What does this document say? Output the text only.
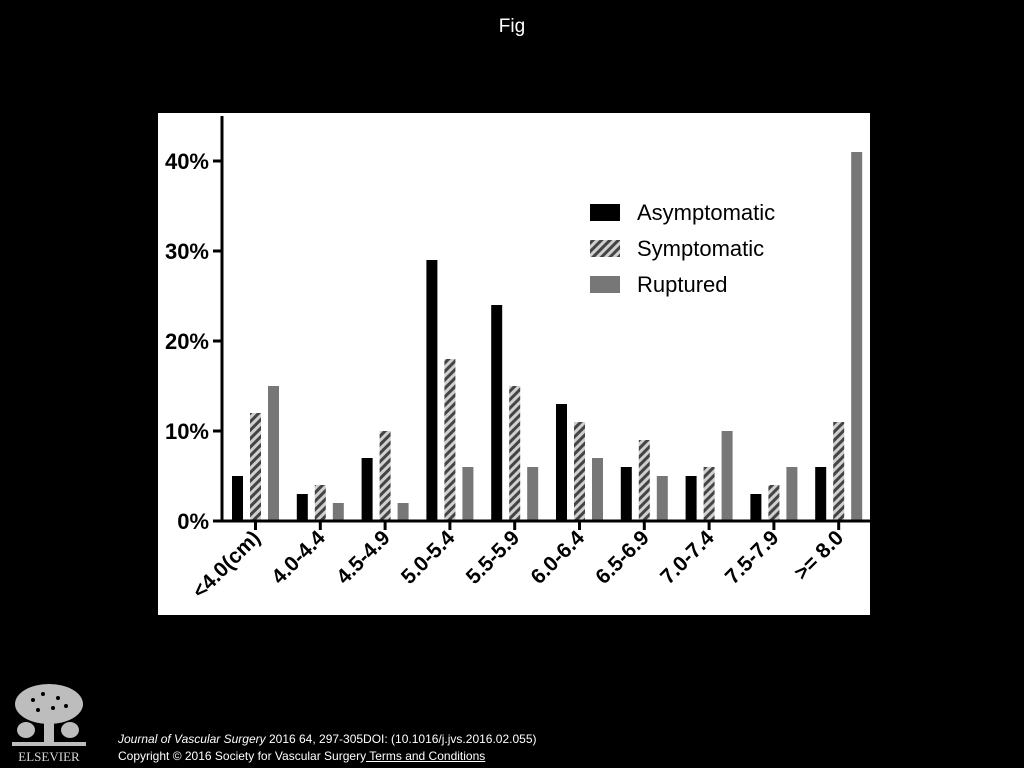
Fig
0%
10%
20%
30%
40%
<4.0(cm) 4.0-4.4 4.5-4.9 5.0-5.4 5.5-5.9 6.0-6.4 6.5-6.9 7.0-7.4 7.5-7.9 >= 8.0
Asymptomatic
Symptomatic
Ruptured
ELSEVIER
Journal of Vascular Surgery 2016 64, 297-305DOI: (10.1016/j.jvs.2016.02.055)
Copyright © 2016 Society for Vascular Surgery Terms and Conditions
